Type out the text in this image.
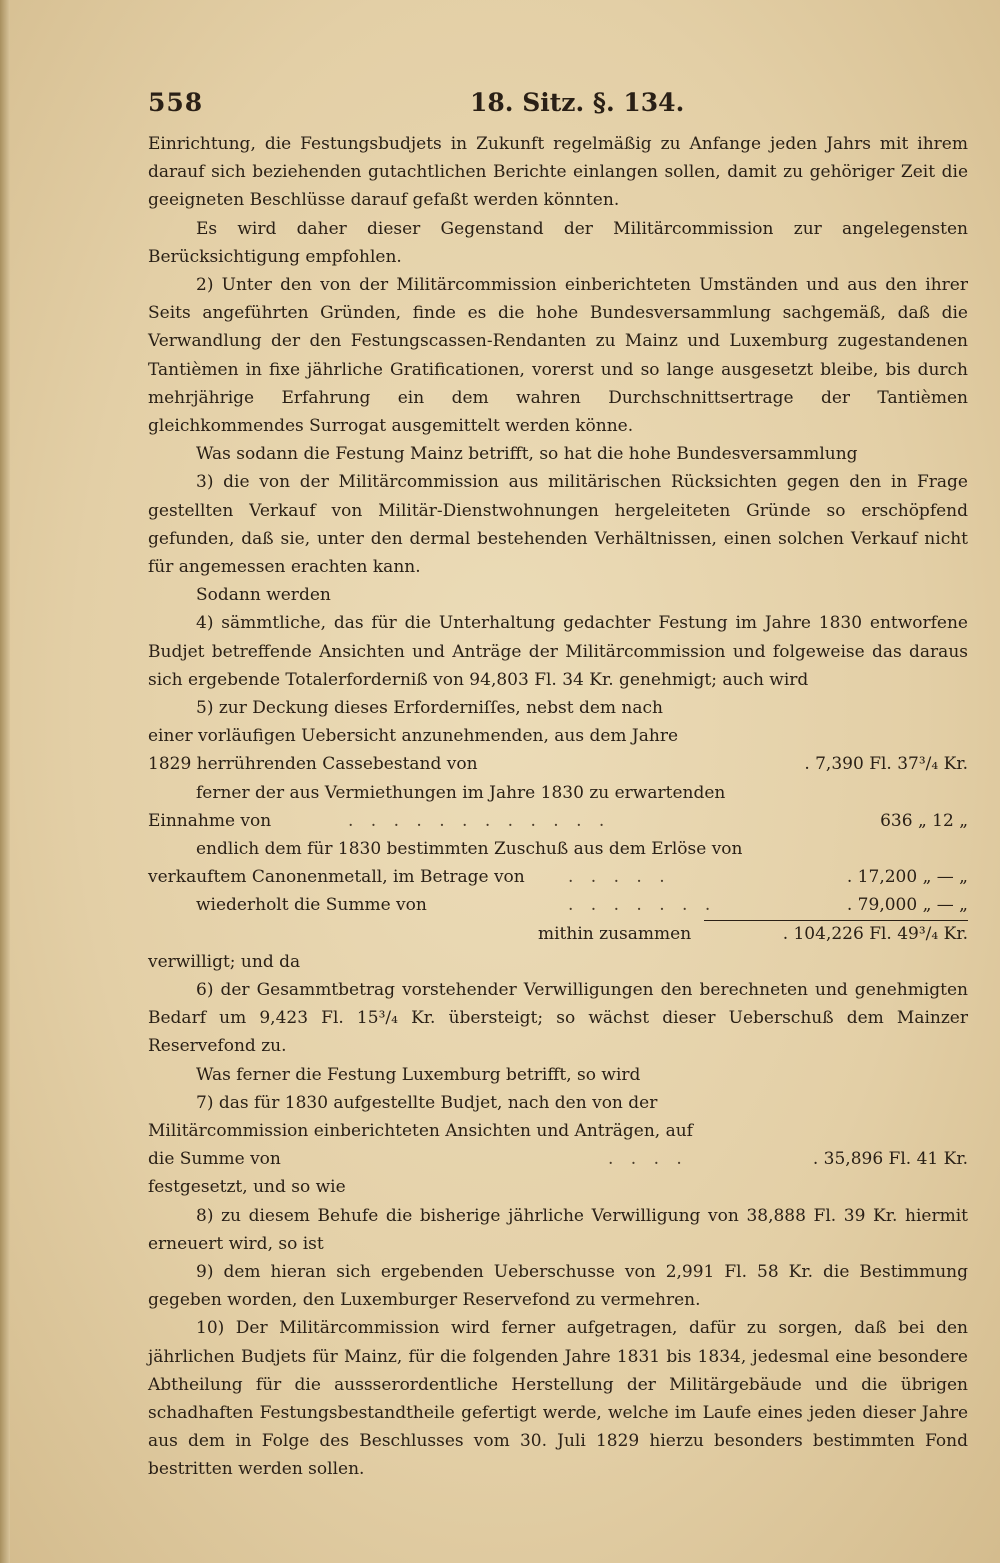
558	18. Sitz. §. 134.

Einrichtung, die Festungsbudjets in Zukunft regelmäßig zu Anfange jeden Jahrs mit ihrem darauf sich beziehenden gutachtlichen Berichte einlangen sollen, damit zu gehöriger Zeit die geeigneten Beschlüsse darauf gefaßt werden könnten.

Es wird daher dieser Gegenstand der Militärcommission zur angelegensten Berücksichtigung empfohlen.

2) Unter den von der Militärcommission einberichteten Umständen und aus den ihrer Seits angeführten Gründen, finde es die hohe Bundesversammlung sachgemäß, daß die Verwandlung der den Festungscassen-Rendanten zu Mainz und Luxemburg zugestandenen Tantièmen in fixe jährliche Gratificationen, vorerst und so lange ausgesetzt bleibe, bis durch mehrjährige Erfahrung ein dem wahren Durchschnittsertrage der Tantièmen gleichkommendes Surrogat ausgemittelt werden könne.

Was sodann die Festung Mainz betrifft, so hat die hohe Bundesversammlung

3) die von der Militärcommission aus militärischen Rücksichten gegen den in Frage gestellten Verkauf von Militär-Dienstwohnungen hergeleiteten Gründe so erschöpfend gefunden, daß sie, unter den dermal bestehenden Verhältnissen, einen solchen Verkauf nicht für angemessen erachten kann.

Sodann werden

4) sämmtliche, das für die Unterhaltung gedachter Festung im Jahre 1830 entworfene Budjet betreffende Ansichten und Anträge der Militärcommission und folgeweise das daraus sich ergebende Totalerforderniß von 94,803 Fl. 34 Kr. genehmigt; auch wird

5) zur Deckung dieses Erforderniſſes, nebst dem nach einer vorläufigen Uebersicht anzunehmenden, aus dem Jahre 1829 herrührenden Cassebestand von	. 7,390 Fl. 37³/₄ Kr.
ferner der aus Vermiethungen im Jahre 1830 zu erwartenden
Einnahme von	. . . . . . . . . . . .	636 „ 12 „
endlich dem für 1830 bestimmten Zuschuß aus dem Erlöse von
verkauftem Canonenmetall, im Betrage von	. . . . .	. 17,200 „ — „
wiederholt die Summe von	. . . . . . .	. 79,000 „ — „
mithin zusammen	. 104,226 Fl. 49³/₄ Kr.
verwilligt; und da

6) der Gesammtbetrag vorstehender Verwilligungen den berechneten und genehmigten Bedarf um 9,423 Fl. 15³/₄ Kr. übersteigt; so wächst dieser Ueberschuß dem Mainzer Reservefond zu.

Was ferner die Festung Luxemburg betrifft, so wird

7) das für 1830 aufgestellte Budjet, nach den von der Militärcommission einberichteten Ansichten und Anträgen, auf die Summe von	. . . .	. 35,896 Fl. 41 Kr.
festgesetzt, und so wie

8) zu diesem Behufe die bisherige jährliche Verwilligung von 38,888 Fl. 39 Kr. hiermit erneuert wird, so ist

9) dem hieran sich ergebenden Ueberschusse von 2,991 Fl. 58 Kr. die Bestimmung gegeben worden, den Luxemburger Reservefond zu vermehren.

10) Der Militärcommission wird ferner aufgetragen, dafür zu sorgen, daß bei den jährlichen Budjets für Mainz, für die folgenden Jahre 1831 bis 1834, jedesmal eine besondere Abtheilung für die aussserordentliche Herstellung der Militärgebäude und die übrigen schadhaften Festungsbestandtheile gefertigt werde, welche im Laufe eines jeden dieser Jahre aus dem in Folge des Beschlusses vom 30. Juli 1829 hierzu besonders bestimmten Fond bestritten werden sollen.
